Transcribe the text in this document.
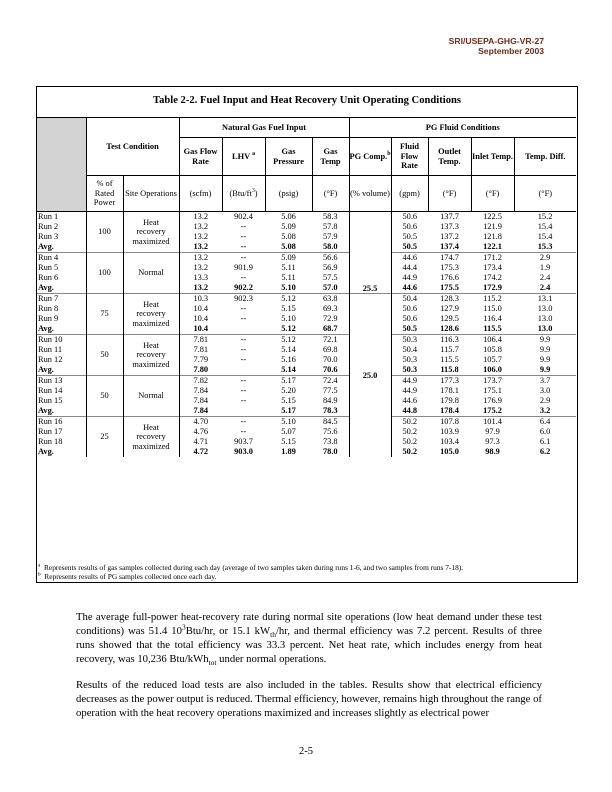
SRI/USEPA-GHG-VR-27
September 2003
Table 2-2. Fuel Input and Heat Recovery Unit Operating Conditions
	Test Condition		Natural Gas Fuel Input				PG Fluid Conditions				
			Gas Flow Rate	LHV $^a$	Gas Pressure	Gas Temp	PG Comp.$^b$	Fluid Flow Rate	Outlet Temp.	Inlet Temp.	Temp. Diff.
	% of Rated Power	Site Operations	(scfm)	$(Btu/ft^3)$	(psig)	(°F)	(% volume)	(gpm)	(°F)	(°F)	(°F)
Run 1	100	Heat recovery maximized	13.2	902.4	5.06	58.3	25.5	50.6	137.7	122.5	15.2
Run 2			13.2	--	5.09	57.8		50.6	137.3	121.9	15.4
Run 3			13.2	--	5.08	57.9		50.5	137.2	121.8	15.4
Avg.			13.2	--	5.08	58.0		50.5	137.4	122.1	15.3
Run 4	100	Normal	13.2	--	5.09	56.6		44.6	174.7	171.2	2.9
Run 5			13.2	901.9	5.11	56.9		44.4	175.3	173.4	1.9
Run 6			13.3	--	5.11	57.5		44.9	176.6	174.2	2.4
Avg.			13.2	902.2	5.10	57.0		44.6	175.5	172.9	2.4
Run 7	75	Heat recovery maximized	10.3	902.3	5.12	63.8	25.0	50.4	128.3	115.2	13.1
Run 8			10.4	--	5.15	69.3		50.6	127.9	115.0	13.0
Run 9			10.4	--	5.10	72.9		50.6	129.5	116.4	13.0
Avg.			10.4		5.12	68.7		50.5	128.6	115.5	13.0
Run 10	50	Heat recovery maximized	7.81	--	5.12	72.1		50.3	116.3	106.4	9.9
Run 11			7.81	--	5.14	69.8		50.4	115.7	105.8	9.9
Run 12			7.79	--	5.16	70.0		50.3	115.5	105.7	9.9
Avg.			7.80		5.14	70.6		50.3	115.8	106.0	9.9
Run 13	50	Normal	7.82	--	5.17	72.4		44.9	177.3	173.7	3.7
Run 14			7.84	--	5.20	77.5		44.9	178.1	175.1	3.0
Run 15			7.84	--	5.15	84.9		44.6	179.8	176.9	2.9
Avg.			7.84		5.17	78.3		44.8	178.4	175.2	3.2
Run 16	25	Heat recovery maximized	4.70	--	5.10	84.5		50.2	107.8	101.4	6.4
Run 17			4.76	--	5.07	75.6		50.2	103.9	97.9	6.0
Run 18			4.71	903.7	5.15	73.8		50.2	103.4	97.3	6.1
Avg.			4.72	903.0	1.89	78.0		50.2	105.0	98.9	6.2
$^a$ Represents results of gas samples collected during each day (average of two samples taken during runs 1-6, and two samples from runs 7-18).
$^b$ Represents results of PG samples collected once each day.
The average full-power heat-recovery rate during normal site operations (low heat demand under these test conditions) was 51.4 $10^3Btu/hr$, or 15.1 $kW_{th}/hr$, and thermal efficiency was 7.2 percent. Results of three runs showed that the total efficiency was 33.3 percent. Net heat rate, which includes energy from heat recovery, was 10,236 Btu/kWh$_{tot}$ under normal operations.
Results of the reduced load tests are also included in the tables. Results show that electrical efficiency decreases as the power output is reduced. Thermal efficiency, however, remains high throughout the range of operation with the heat recovery operations maximized and increases slightly as electrical power
2-5
